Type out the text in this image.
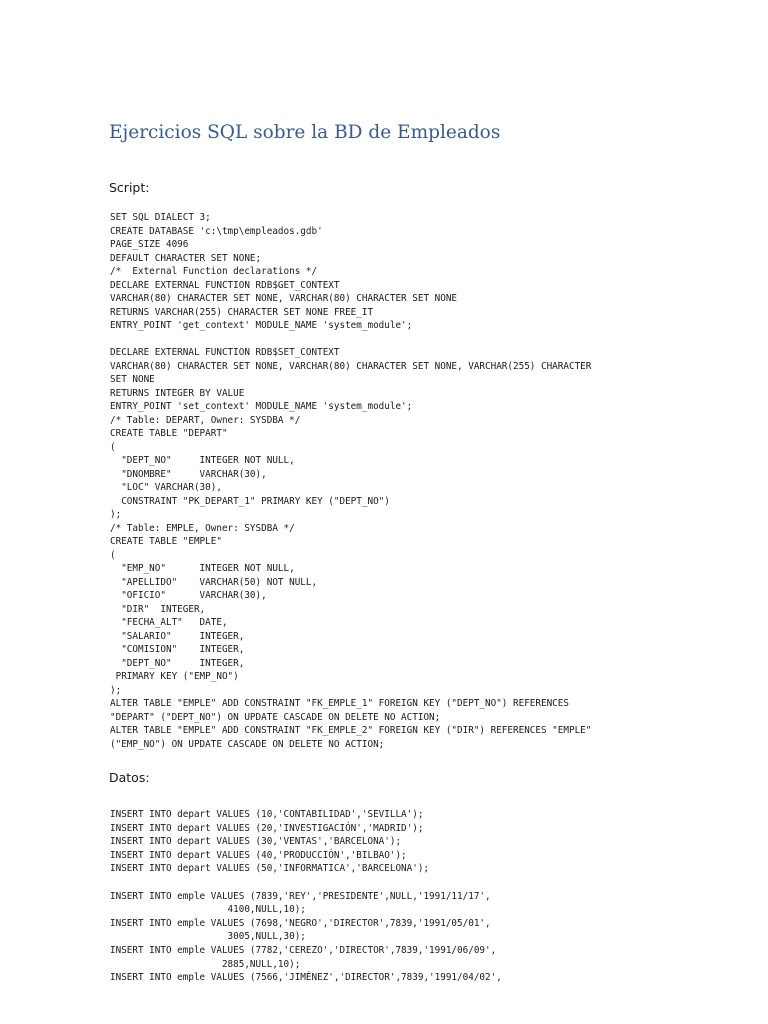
Ejercicios SQL sobre la BD de Empleados
Script:
SET SQL DIALECT 3;
CREATE DATABASE 'c:\tmp\empleados.gdb'
PAGE_SIZE 4096
DEFAULT CHARACTER SET NONE;
/*  External Function declarations */
DECLARE EXTERNAL FUNCTION RDB$GET_CONTEXT
VARCHAR(80) CHARACTER SET NONE, VARCHAR(80) CHARACTER SET NONE
RETURNS VARCHAR(255) CHARACTER SET NONE FREE_IT
ENTRY_POINT 'get_context' MODULE_NAME 'system_module';

DECLARE EXTERNAL FUNCTION RDB$SET_CONTEXT
VARCHAR(80) CHARACTER SET NONE, VARCHAR(80) CHARACTER SET NONE, VARCHAR(255) CHARACTER
SET NONE
RETURNS INTEGER BY VALUE
ENTRY_POINT 'set_context' MODULE_NAME 'system_module';
/* Table: DEPART, Owner: SYSDBA */
CREATE TABLE "DEPART"
(
"DEPT_NO"     INTEGER NOT NULL,
"DNOMBRE"     VARCHAR(30),
"LOC" VARCHAR(30),
CONSTRAINT "PK_DEPART_1" PRIMARY KEY ("DEPT_NO")
);
/* Table: EMPLE, Owner: SYSDBA */
CREATE TABLE "EMPLE"
(
"EMP_NO"      INTEGER NOT NULL,
"APELLIDO"    VARCHAR(50) NOT NULL,
"OFICIO"      VARCHAR(30),
"DIR"  INTEGER,
"FECHA_ALT"   DATE,
"SALARIO"     INTEGER,
"COMISION"    INTEGER,
"DEPT_NO"     INTEGER,
PRIMARY KEY ("EMP_NO")
);
ALTER TABLE "EMPLE" ADD CONSTRAINT "FK_EMPLE_1" FOREIGN KEY ("DEPT_NO") REFERENCES
"DEPART" ("DEPT_NO") ON UPDATE CASCADE ON DELETE NO ACTION;
ALTER TABLE "EMPLE" ADD CONSTRAINT "FK_EMPLE_2" FOREIGN KEY ("DIR") REFERENCES "EMPLE"
("EMP_NO") ON UPDATE CASCADE ON DELETE NO ACTION;
Datos:
INSERT INTO depart VALUES (10,'CONTABILIDAD','SEVILLA');
INSERT INTO depart VALUES (20,'INVESTIGACIÓN','MADRID');
INSERT INTO depart VALUES (30,'VENTAS','BARCELONA');
INSERT INTO depart VALUES (40,'PRODUCCIÓN','BILBAO');
INSERT INTO depart VALUES (50,'INFORMATICA','BARCELONA');

INSERT INTO emple VALUES (7839,'REY','PRESIDENTE',NULL,'1991/11/17',
4100,NULL,10);
INSERT INTO emple VALUES (7698,'NEGRO','DIRECTOR',7839,'1991/05/01',
3005,NULL,30);
INSERT INTO emple VALUES (7782,'CEREZO','DIRECTOR',7839,'1991/06/09',
2885,NULL,10);
INSERT INTO emple VALUES (7566,'JIMÉNEZ','DIRECTOR',7839,'1991/04/02',
